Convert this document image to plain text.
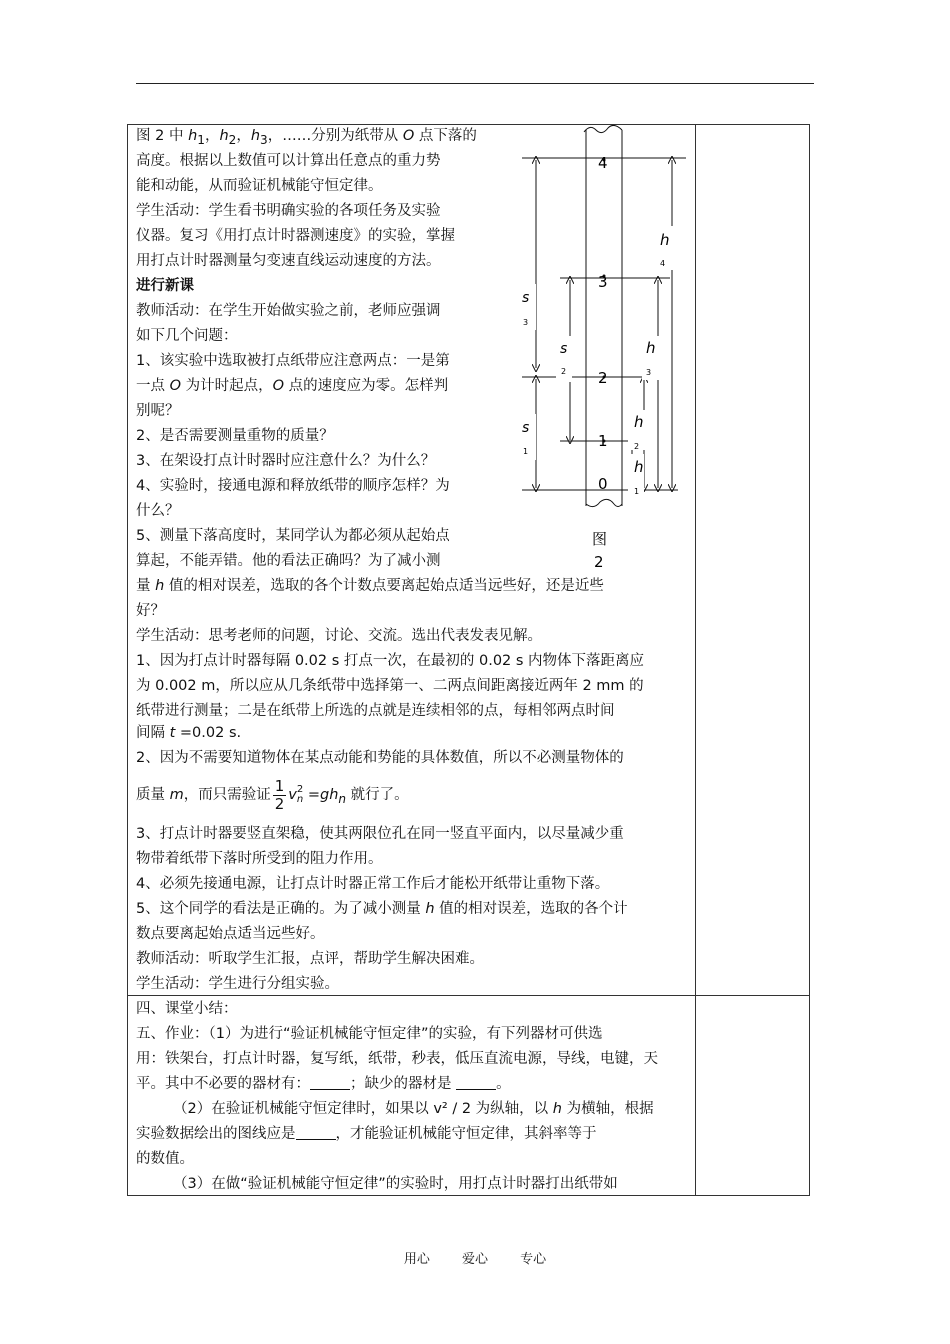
图 2 中 $h_1$，$h_2$，$h_3$，……分别为纸带从 O 点下落的
高度。根据以上数值可以计算出任意点的重力势
能和动能，从而验证机械能守恒定律。
学生活动：学生看书明确实验的各项任务及实验
仪器。复习《用打点计时器测速度》的实验，掌握
用打点计时器测量匀变速直线运动速度的方法。
进行新课
教师活动：在学生开始做实验之前，老师应强调
如下几个问题：
1、该实验中选取被打点纸带应注意两点：一是第
一点 O 为计时起点，O 点的速度应为零。怎样判
别呢？
2、是否需要测量重物的质量？
3、在架设打点计时器时应注意什么？为什么？
4、实验时，接通电源和释放纸带的顺序怎样？为
什么？
5、测量下落高度时，某同学认为都必须从起始点
算起，不能弄错。他的看法正确吗？为了减小测
量 h 值的相对误差，选取的各个计数点要离起始点适当远些好，还是近些
好？
学生活动：思考老师的问题，讨论、交流。选出代表发表见解。
1、因为打点计时器每隔 0.02 s 打点一次，在最初的 0.02 s 内物体下落距离应
为 0.002 m，所以应从几条纸带中选择第一、二两点间距离接近两年 2 mm 的
纸带进行测量；二是在纸带上所选的点就是连续相邻的点，每相邻两点时间
间隔 t =0.02 s.
2、因为不需要知道物体在某点动能和势能的具体数值，所以不必测量物体的
质量 m，而只需验证 $\frac{1}{2}$ v 2
$n =gh_n$ 就行了。
3、打点计时器要竖直架稳，使其两限位孔在同一竖直平面内，以尽量减少重
物带着纸带下落时所受到的阻力作用。
4、必须先接通电源，让打点计时器正常工作后才能松开纸带让重物下落。
5、这个同学的看法是正确的。为了减小测量 h 值的相对误差，选取的各个计
数点要离起始点适当远些好。
教师活动：听取学生汇报，点评，帮助学生解决困难。
学生活动：学生进行分组实验。
四、课堂小结：
五、作业：（1）为进行“验证机械能守恒定律”的实验，有下列器材可供选
用：铁架台，打点计时器，复写纸，纸带，秒表，低压直流电源，导线，电键，天
平。其中不必要的器材有：	；缺少的器材是	。
（2）在验证机械能守恒定律时，如果以 v² / 2 为纵轴，以 h 为横轴，根据
实验数据绘出的图线应是	，才能验证机械能守恒定律，其斜率等于
的数值。
（3）在做“验证机械能守恒定律”的实验时，用打点计时器打出纸带如
4
3
2
1
0
s
3
s
2
s
1
h
4
h
3
h
2
h
1
图
2
用心 爱心 专心
